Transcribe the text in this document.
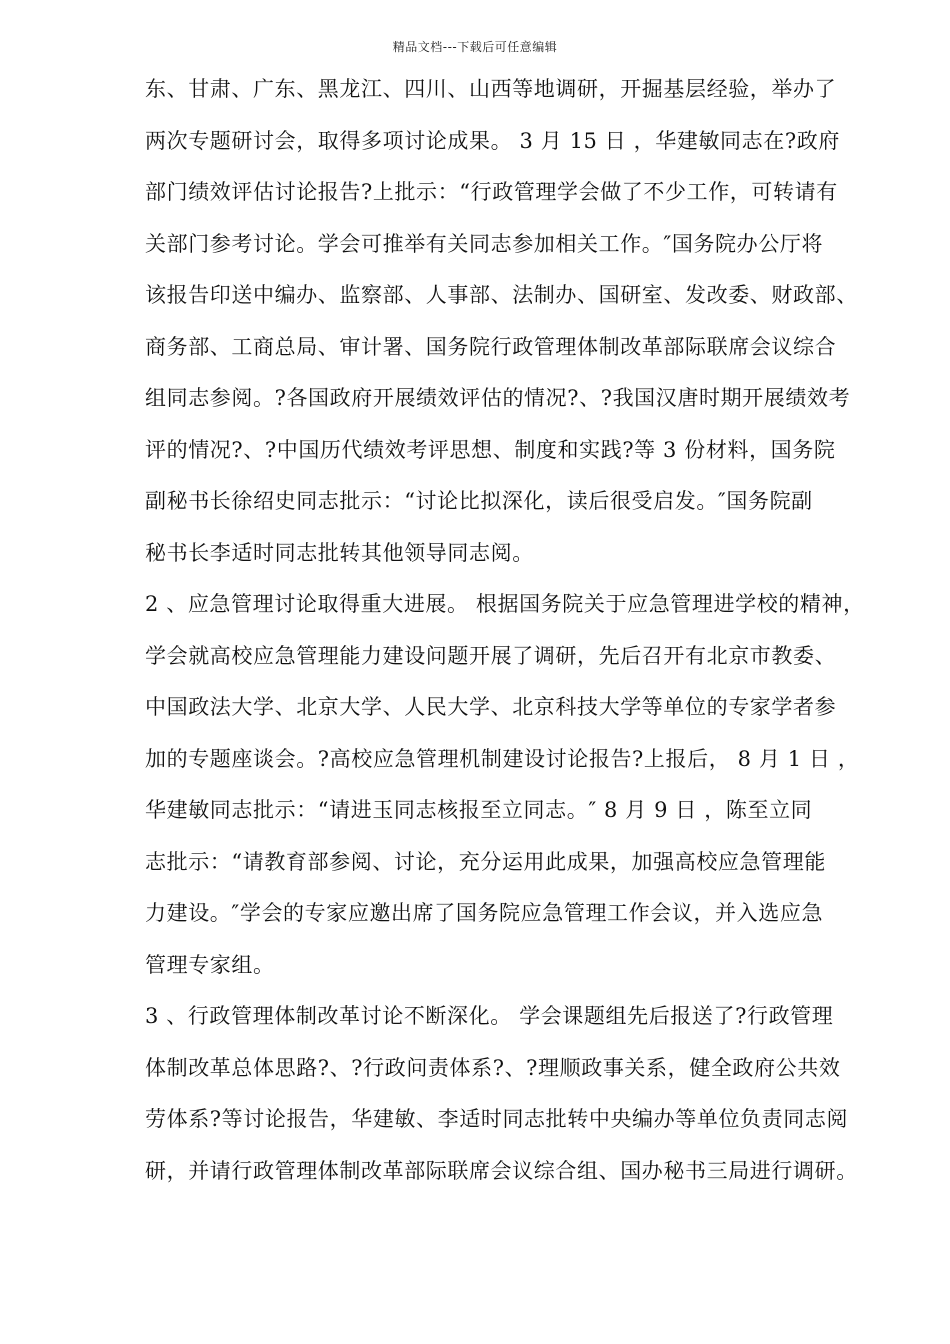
精品文档---下载后可任意编辑
东、甘肃、广东、黑龙江、四川、山西等地调研，开掘基层经验，举办了
两次专题研讨会，取得多项讨论成果。 3 月 15 日 ，华建敏同志在?政府
部门绩效评估讨论报告?上批示：“行政管理学会做了不少工作，可转请有
关部门参考讨论。学会可推举有关同志参加相关工作。″国务院办公厅将
该报告印送中编办、监察部、人事部、法制办、国研室、发改委、财政部、
商务部、工商总局、审计署、国务院行政管理体制改革部际联席会议综合
组同志参阅。?各国政府开展绩效评估的情况?、?我国汉唐时期开展绩效考
评的情况?、?中国历代绩效考评思想、制度和实践?等 3 份材料，国务院
副秘书长徐绍史同志批示：“讨论比拟深化，读后很受启发。″国务院副
秘书长李适时同志批转其他领导同志阅。
2 、应急管理讨论取得重大进展。 根据国务院关于应急管理进学校的精神，
学会就高校应急管理能力建设问题开展了调研，先后召开有北京市教委、
中国政法大学、北京大学、人民大学、北京科技大学等单位的专家学者参
加的专题座谈会。?高校应急管理机制建设讨论报告?上报后， 8 月 1 日 ，
华建敏同志批示：“请进玉同志核报至立同志。″ 8 月 9 日 ，陈至立同
志批示：“请教育部参阅、讨论，充分运用此成果，加强高校应急管理能
力建设。″学会的专家应邀出席了国务院应急管理工作会议，并入选应急
管理专家组。
3 、行政管理体制改革讨论不断深化。 学会课题组先后报送了?行政管理
体制改革总体思路?、?行政问责体系?、?理顺政事关系，健全政府公共效
劳体系?等讨论报告，华建敏、李适时同志批转中央编办等单位负责同志阅
研，并请行政管理体制改革部际联席会议综合组、国办秘书三局进行调研。
